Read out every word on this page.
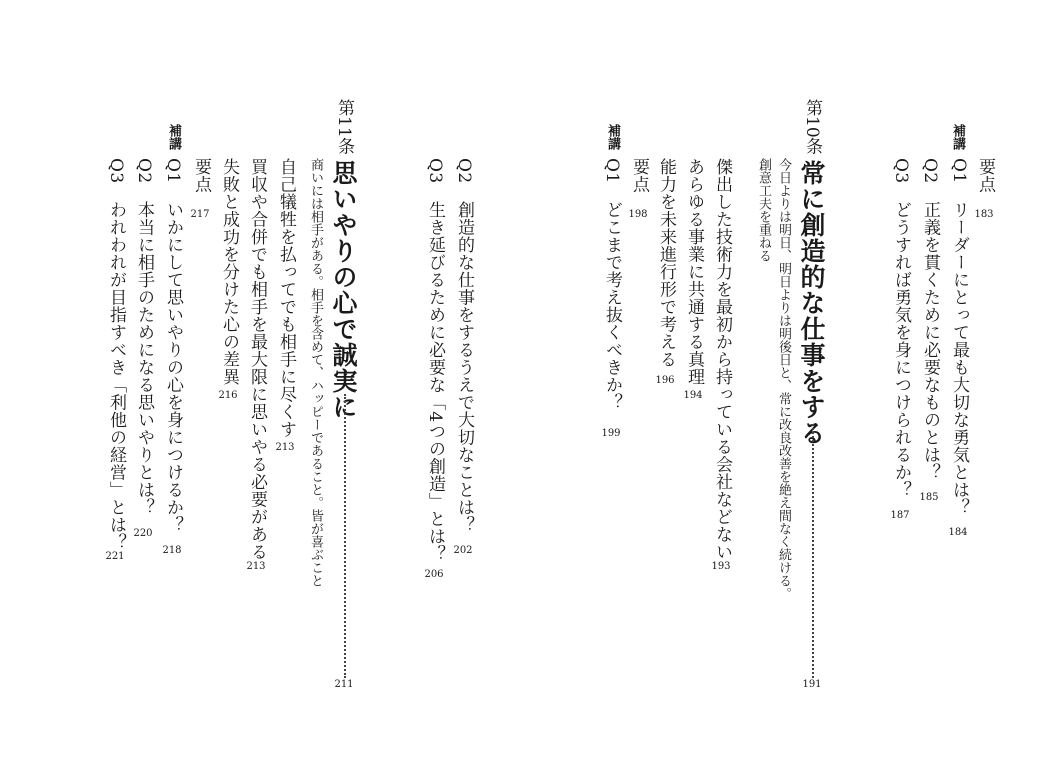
要点
183
補講
Q1　リーダーにとって最も大切な勇気とは？
184
Q2　正義を貫くために必要なものとは？
185
Q3　どうすれば勇気を身につけられるか？
187
第10条
常に創造的な仕事をする
191
今日よりは明日、明日よりは明後日と、常に改良改善を絶え間なく続ける。
創意工夫を重ねる
傑出した技術力を最初から持っている会社などない
193
あらゆる事業に共通する真理
194
能力を未来進行形で考える
196
要点
198
補講
Q1　どこまで考え抜くべきか？
199
Q2　創造的な仕事をするうえで大切なことは？
202
Q3　生き延びるために必要な「4つの創造」とは？
206
第11条
思いやりの心で誠実に
211
商いには相手がある。相手を含めて、ハッピーであること。皆が喜ぶこと
自己犠牲を払ってでも相手に尽くす
213
買収や合併でも相手を最大限に思いやる必要がある
213
失敗と成功を分けた心の差異
216
要点
217
補講
Q1　いかにして思いやりの心を身につけるか？
218
Q2　本当に相手のためになる思いやりとは？
220
Q3　われわれが目指すべき「利他の経営」とは？
221
